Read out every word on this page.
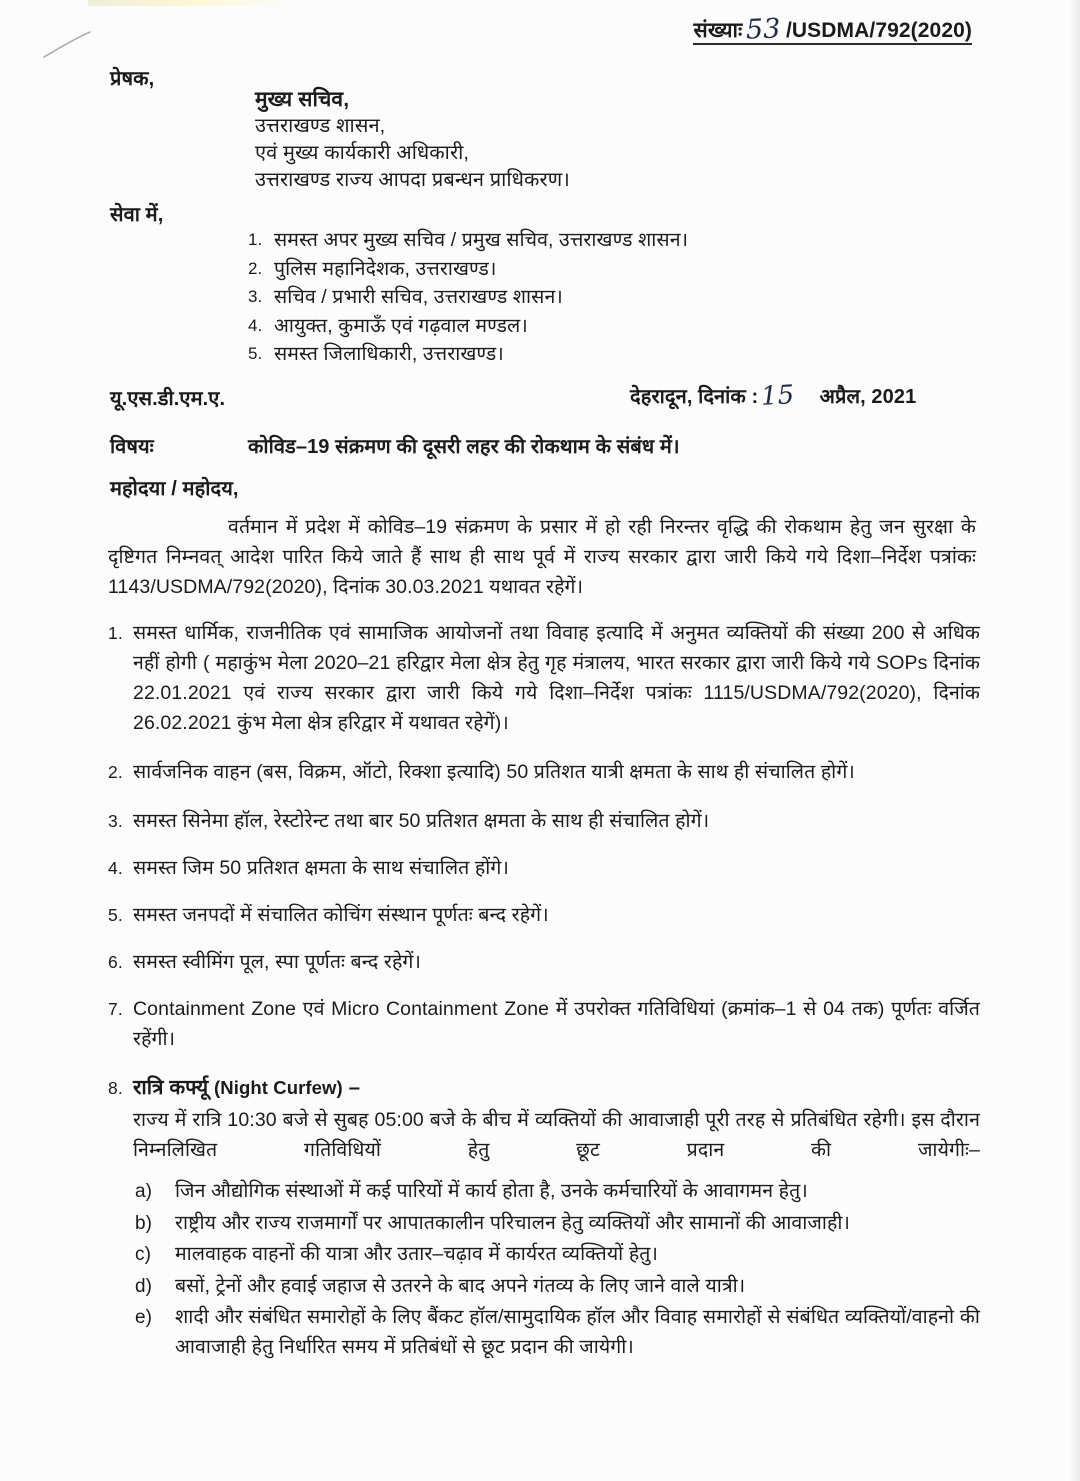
संख्याः 53 /USDMA/792(2020)
प्रेषक,
मुख्य सचिव,
उत्तराखण्ड शासन,
एवं मुख्य कार्यकारी अधिकारी,
उत्तराखण्ड राज्य आपदा प्रबन्धन प्राधिकरण।
सेवा में,
1. समस्त अपर मुख्य सचिव / प्रमुख सचिव, उत्तराखण्ड शासन।
2. पुलिस महानिदेशक, उत्तराखण्ड।
3. सचिव / प्रभारी सचिव, उत्तराखण्ड शासन।
4. आयुक्त, कुमाऊँ एवं गढ़वाल मण्डल।
5. समस्त जिलाधिकारी, उत्तराखण्ड।
यू.एस.डी.एम.ए.	देहरादून, दिनांक : 15	अप्रैल, 2021
विषयः	कोविड–19 संक्रमण की दूसरी लहर की रोकथाम के संबंध में।
महोदया / महोदय,
वर्तमान में प्रदेश में कोविड–19 संक्रमण के प्रसार में हो रही निरन्तर वृद्धि की रोकथाम हेतु जन सुरक्षा के दृष्टिगत निम्नवत् आदेश पारित किये जाते हैं साथ ही साथ पूर्व में राज्य सरकार द्वारा जारी किये गये दिशा–निर्देश पत्रांकः 1143/USDMA/792(2020), दिनांक 30.03.2021 यथावत रहेगें।
1. समस्त धार्मिक, राजनीतिक एवं सामाजिक आयोजनों तथा विवाह इत्यादि में अनुमत व्यक्तियों की संख्या 200 से अधिक नहीं होगी ( महाकुंभ मेला 2020–21 हरिद्वार मेला क्षेत्र हेतु गृह मंत्रालय, भारत सरकार द्वारा जारी किये गये SOPs दिनांक 22.01.2021 एवं राज्य सरकार द्वारा जारी किये गये दिशा–निर्देश पत्रांकः 1115/USDMA/792(2020), दिनांक 26.02.2021 कुंभ मेला क्षेत्र हरिद्वार में यथावत रहेगें)।
2. सार्वजनिक वाहन (बस, विक्रम, ऑटो, रिक्शा इत्यादि) 50 प्रतिशत यात्री क्षमता के साथ ही संचालित होगें।
3. समस्त सिनेमा हॉल, रेस्टोरेन्ट तथा बार 50 प्रतिशत क्षमता के साथ ही संचालित होगें।
4. समस्त जिम 50 प्रतिशत क्षमता के साथ संचालित होंगे।
5. समस्त जनपदों में संचालित कोचिंग संस्थान पूर्णतः बन्द रहेगें।
6. समस्त स्वीमिंग पूल, स्पा पूर्णतः बन्द रहेगें।
7. Containment Zone एवं Micro Containment Zone में उपरोक्त गतिविधियां (क्रमांक–1 से 04 तक) पूर्णतः वर्जित रहेंगी।
8. रात्रि कर्फ्यू (Night Curfew) –
राज्य में रात्रि 10:30 बजे से सुबह 05:00 बजे के बीच में व्यक्तियों की आवाजाही पूरी तरह से प्रतिबंधित रहेगी। इस दौरान निम्नलिखित गतिविधियों हेतु छूट प्रदान की जायेगीः–
a)	जिन औद्योगिक संस्थाओं में कई पारियों में कार्य होता है, उनके कर्मचारियों के आवागमन हेतु।
b)	राष्ट्रीय और राज्य राजमार्गों पर आपातकालीन परिचालन हेतु व्यक्तियों और सामानों की आवाजाही।
c)	मालवाहक वाहनों की यात्रा और उतार–चढ़ाव में कार्यरत व्यक्तियों हेतु।
d)	बसों, ट्रेनों और हवाई जहाज से उतरने के बाद अपने गंतव्य के लिए जाने वाले यात्री।
e)	शादी और संबंधित समारोहों के लिए बैंकट हॉल/सामुदायिक हॉल और विवाह समारोहों से संबंधित व्यक्तियों/वाहनो की आवाजाही हेतु निर्धारित समय में प्रतिबंधों से छूट प्रदान की जायेगी।
